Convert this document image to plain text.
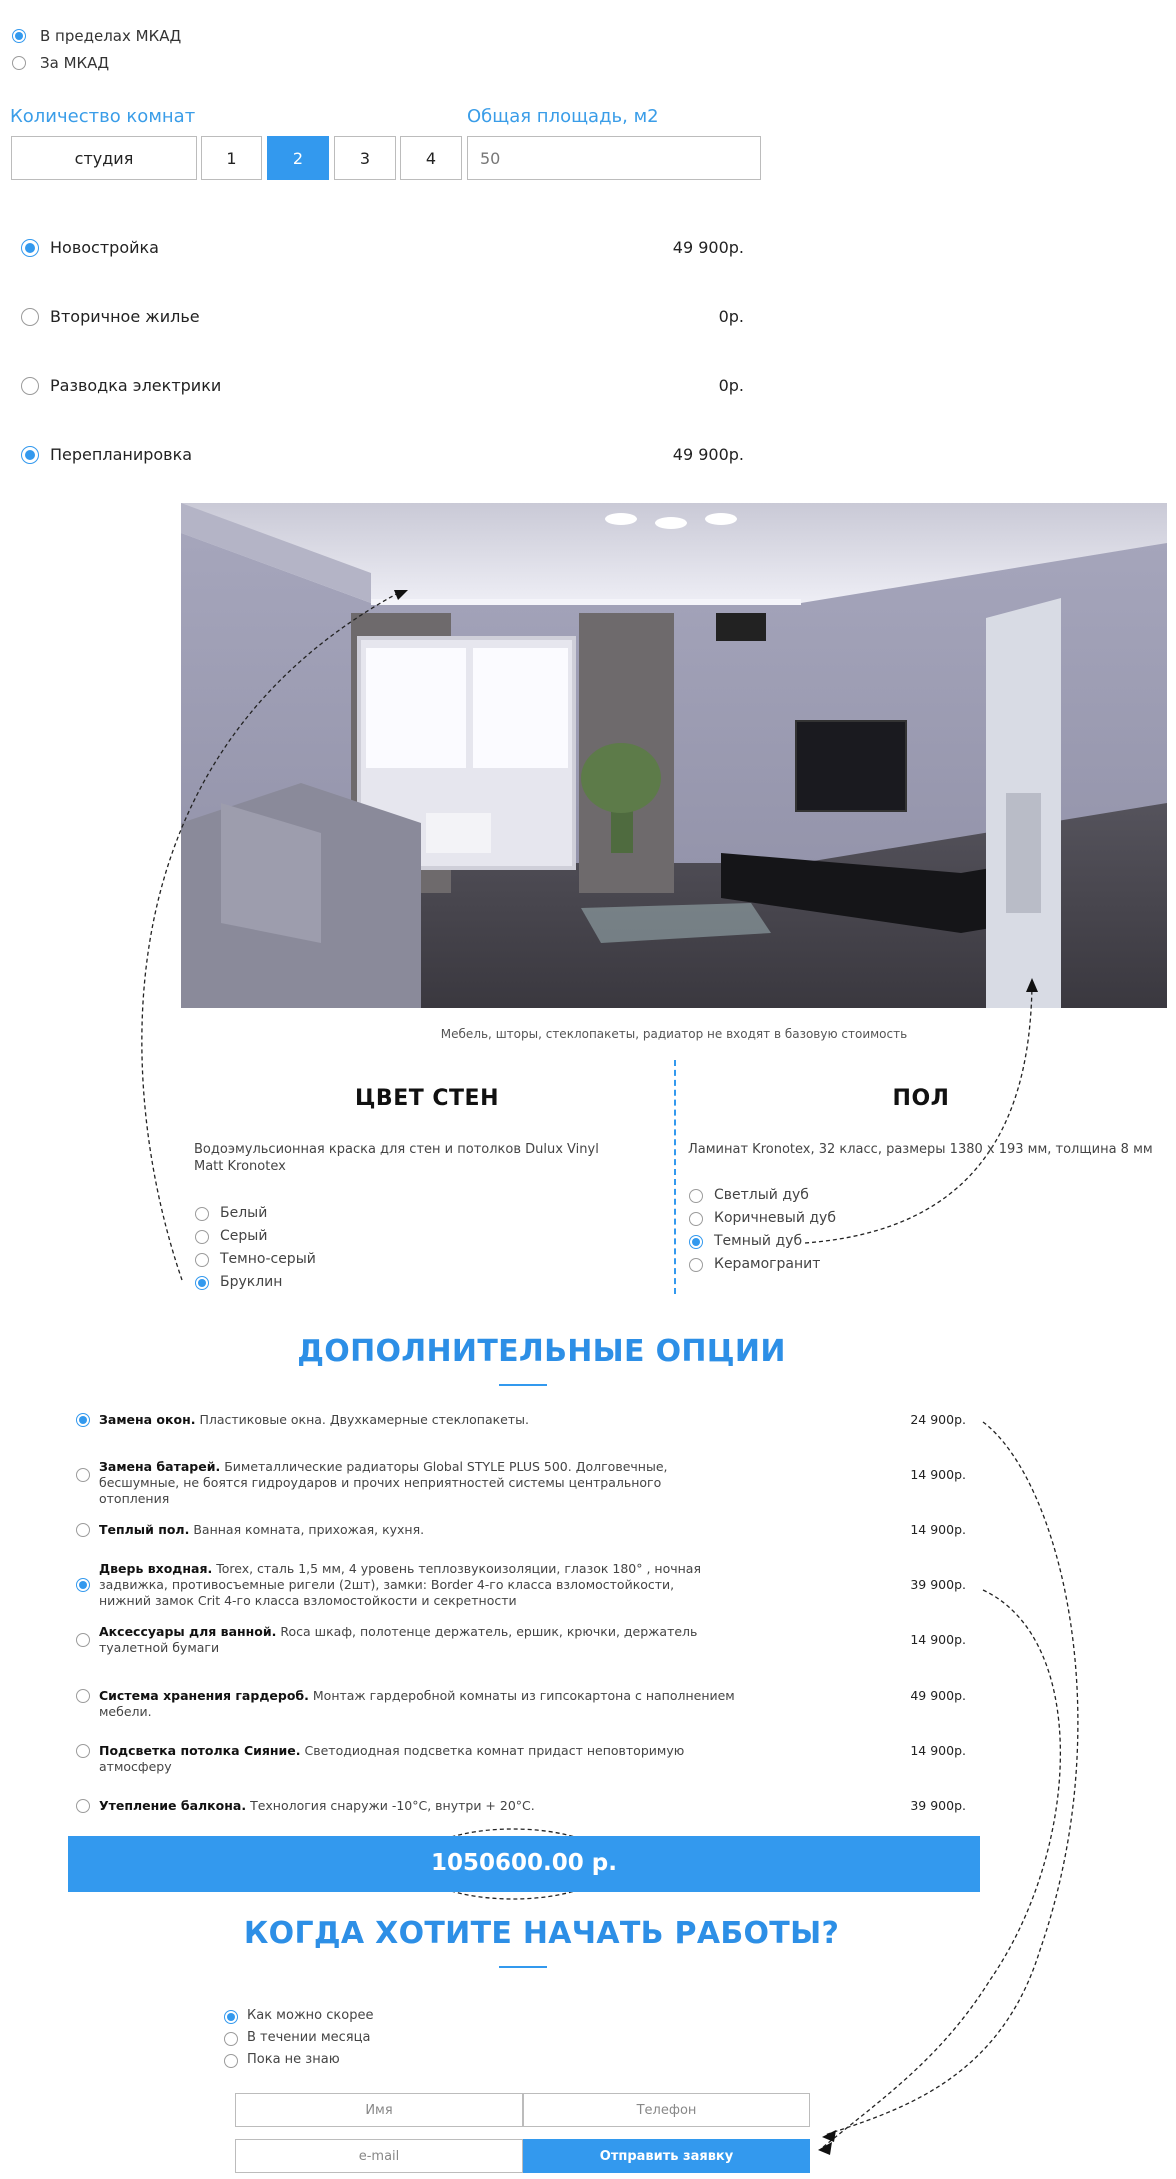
В пределах МКАД
За МКАД
Количество комнат	Общая площадь, м2
студия	1	2	3	4
50
Новостройка	49 900р.
Вторичное жилье	0р.
Разводка электрики	0р.
Перепланировка	49 900р.
Мебель, шторы, стеклопакеты, радиатор не входят в базовую стоимость
ЦВЕТ СТЕН
Водоэмульсионная краска для стен и потолков Dulux Vinyl Matt Kronotex
Белый
Серый
Темно-серый
Бруклин
ПОЛ
Ламинат Kronotex, 32 класс, размеры 1380 х 193 мм, толщина 8 мм
Светлый дуб
Коричневый дуб
Темный дуб
Керамогранит
ДОПОЛНИТЕЛЬНЫЕ ОПЦИИ
Замена окон. Пластиковые окна. Двухкамерные стеклопакеты.	24 900р.
Замена батарей. Биметаллические радиаторы Global STYLE PLUS 500. Долговечные, бесшумные, не боятся гидроударов и прочих неприятностей системы центрального отопления
14 900р.
Теплый пол. Ванная комната, прихожая, кухня.	14 900р.
Дверь входная. Torex, сталь 1,5 мм, 4 уровень теплозвукоизоляции, глазок 180° , ночная задвижка, противосъемные ригели (2шт), замки: Border 4-го класса взломостойкости, нижний замок Crit 4-го класса взломостойкости и секретности
39 900р.
Аксессуары для ванной. Roca шкаф, полотенце держатель, ершик, крючки, держатель туалетной бумаги
14 900р.
Система хранения гардероб. Монтаж гардеробной комнаты из гипсокартона с наполнением мебели.
49 900р.
Подсветка потолка Сияние. Светодиодная подсветка комнат придаст неповторимую атмосферу
14 900р.
Утепление балкона. Технология снаружи -10°С, внутри + 20°С.	39 900р.
1050600.00 р.
КОГДА ХОТИТЕ НАЧАТЬ РАБОТЫ?
Как можно скорее
В течении месяца
Пока не знаю
Имя	Телефон
e-mail	Отправить заявку
